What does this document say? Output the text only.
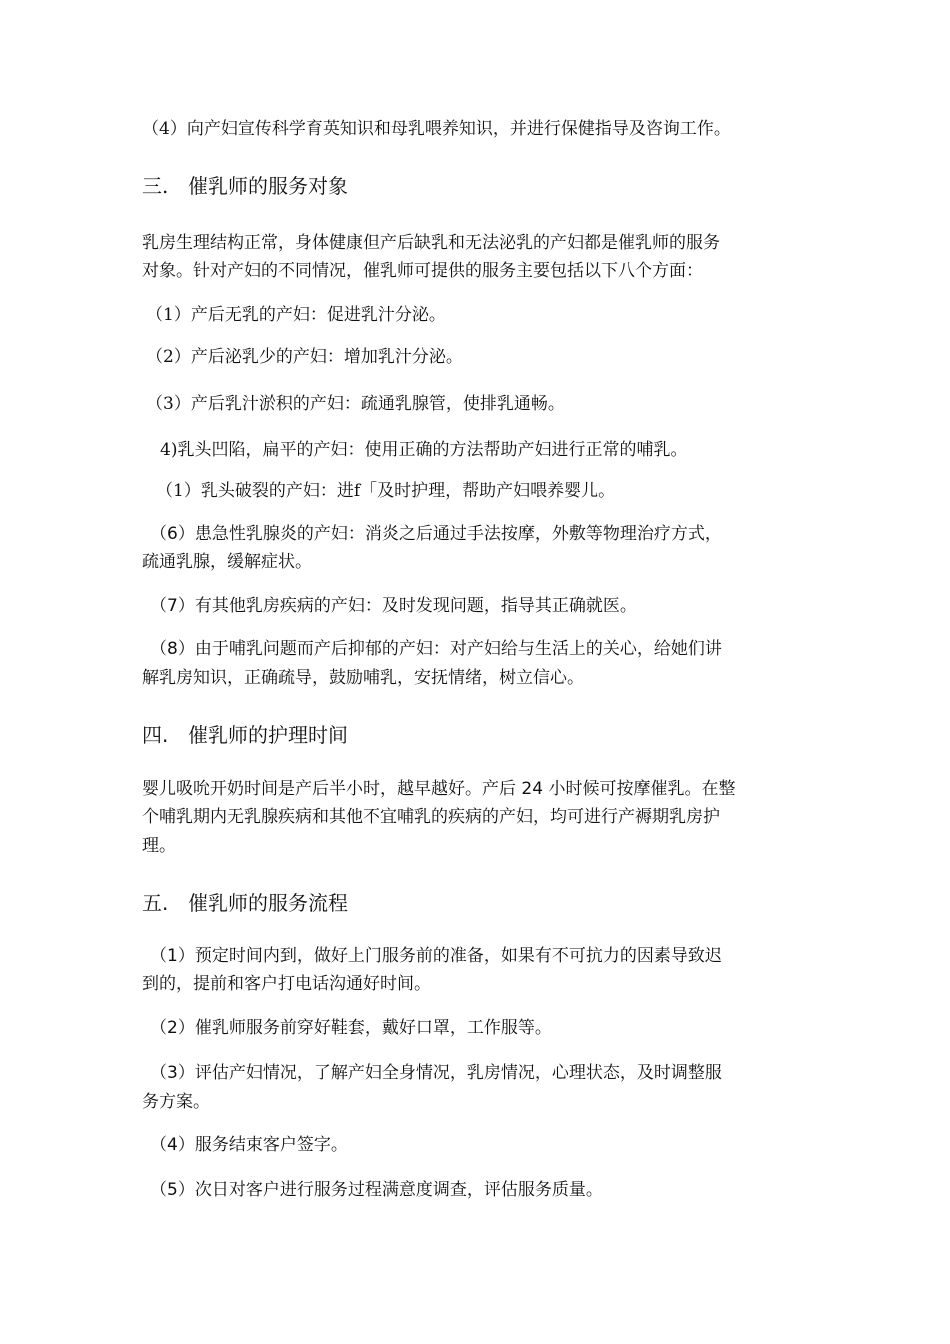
（4）向产妇宣传科学育英知识和母乳喂养知识，并进行保健指导及咨询工作。
三. 催乳师的服务对象
乳房生理结构正常，身体健康但产后缺乳和无法泌乳的产妇都是催乳师的服务
对象。针对产妇的不同情况，催乳师可提供的服务主要包括以下八个方面：
（1）产后无乳的产妇：促进乳汁分泌。
（2）产后泌乳少的产妇：增加乳汁分泌。
（3）产后乳汁淤积的产妇：疏通乳腺管，使排乳通畅。
4)乳头凹陷，扁平的产妇：使用正确的方法帮助产妇进行正常的哺乳。
（1）乳头破裂的产妇：进f「及时护理，帮助产妇喂养婴儿。
（6）患急性乳腺炎的产妇：消炎之后通过手法按摩，外敷等物理治疗方式，
疏通乳腺，缓解症状。
（7）有其他乳房疾病的产妇：及时发现问题，指导其正确就医。
（8）由于哺乳问题而产后抑郁的产妇：对产妇给与生活上的关心，给她们讲
解乳房知识，正确疏导，鼓励哺乳，安抚情绪，树立信心。
四. 催乳师的护理时间
婴儿吸吮开奶时间是产后半小时，越早越好。产后 24 小时候可按摩催乳。在整
个哺乳期内无乳腺疾病和其他不宜哺乳的疾病的产妇，均可进行产褥期乳房护
理。
五. 催乳师的服务流程
（1）预定时间内到，做好上门服务前的准备，如果有不可抗力的因素导致迟
到的，提前和客户打电话沟通好时间。
（2）催乳师服务前穿好鞋套，戴好口罩，工作服等。
（3）评估产妇情况，了解产妇全身情况，乳房情况，心理状态，及时调整服
务方案。
（4）服务结束客户签字。
（5）次日对客户进行服务过程满意度调查，评估服务质量。
